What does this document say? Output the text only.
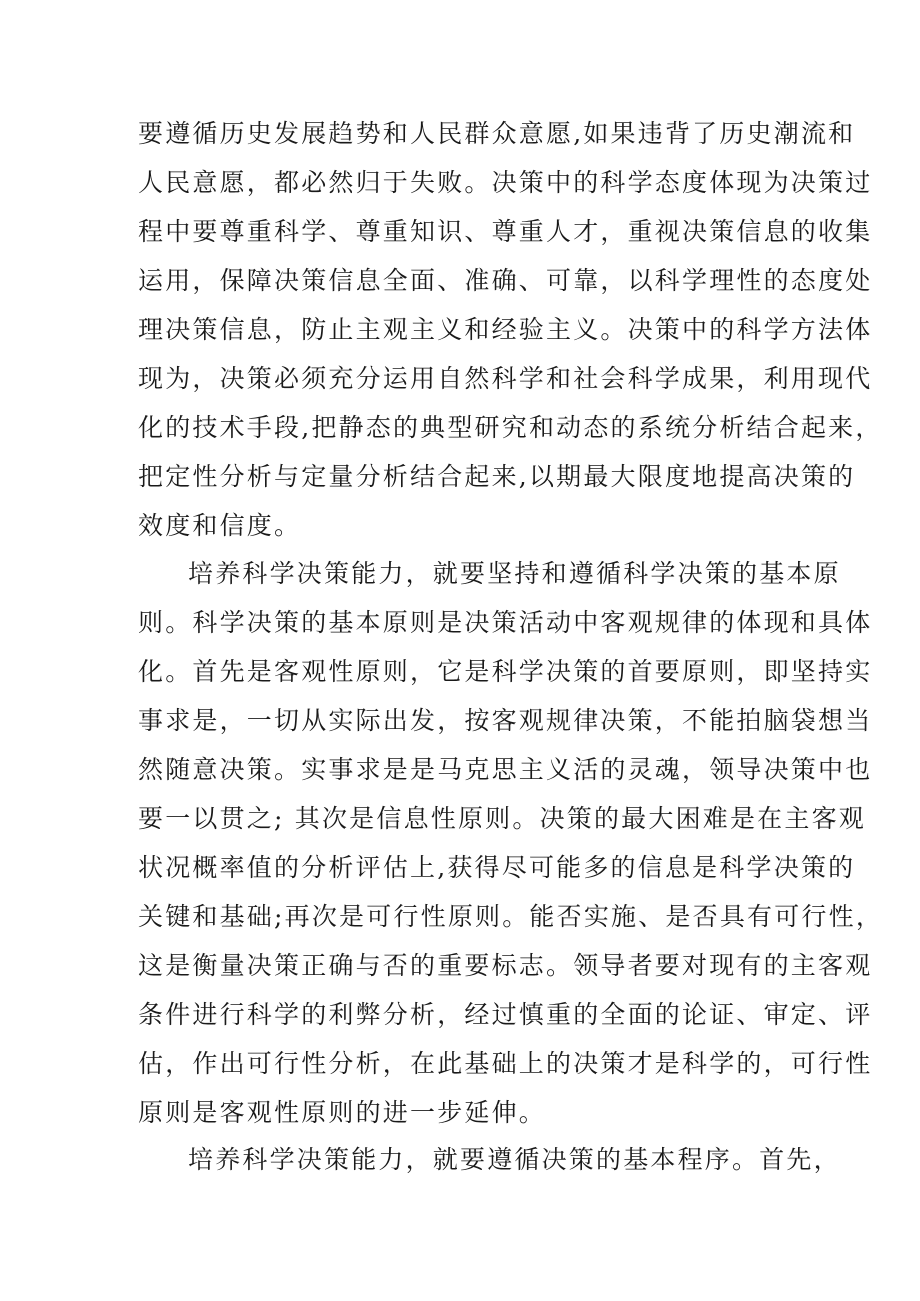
要遵循历史发展趋势和人民群众意愿,如果违背了历史潮流和
人民意愿，都必然归于失败。决策中的科学态度体现为决策过
程中要尊重科学、尊重知识、尊重人才，重视决策信息的收集
运用，保障决策信息全面、准确、可靠，以科学理性的态度处
理决策信息，防止主观主义和经验主义。决策中的科学方法体
现为，决策必须充分运用自然科学和社会科学成果，利用现代
化的技术手段,把静态的典型研究和动态的系统分析结合起来，
把定性分析与定量分析结合起来,以期最大限度地提高决策的
效度和信度。
培养科学决策能力，就要坚持和遵循科学决策的基本原
则。科学决策的基本原则是决策活动中客观规律的体现和具体
化。首先是客观性原则，它是科学决策的首要原则，即坚持实
事求是，一切从实际出发，按客观规律决策，不能拍脑袋想当
然随意决策。实事求是是马克思主义活的灵魂，领导决策中也
要一以贯之; 其次是信息性原则。决策的最大困难是在主客观
状况概率值的分析评估上,获得尽可能多的信息是科学决策的
关键和基础;再次是可行性原则。能否实施、是否具有可行性，
这是衡量决策正确与否的重要标志。领导者要对现有的主客观
条件进行科学的利弊分析，经过慎重的全面的论证、审定、评
估，作出可行性分析，在此基础上的决策才是科学的，可行性
原则是客观性原则的进一步延伸。
培养科学决策能力，就要遵循决策的基本程序。首先，
